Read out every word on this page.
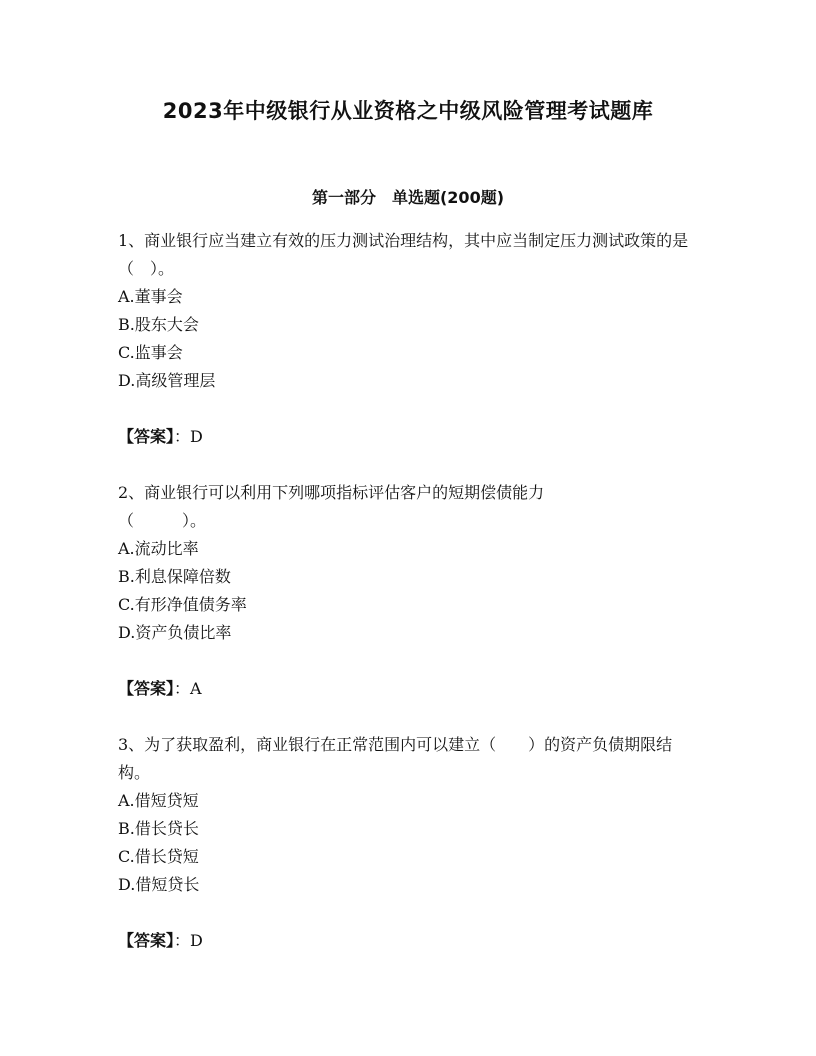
2023年中级银行从业资格之中级风险管理考试题库
第一部分　单选题(200题)

1、商业银行应当建立有效的压力测试治理结构，其中应当制定压力测试政策的是（　）。

A.董事会

B.股东大会

C.监事会

D.高级管理层

【答案】：D

2、商业银行可以利用下列哪项指标评估客户的短期偿债能力

（　　　）。

A.流动比率

B.利息保障倍数

C.有形净值债务率

D.资产负债比率

【答案】：A

3、为了获取盈利，商业银行在正常范围内可以建立（　　）的资产负债期限结构。

A.借短贷短

B.借长贷长

C.借长贷短

D.借短贷长

【答案】：D
